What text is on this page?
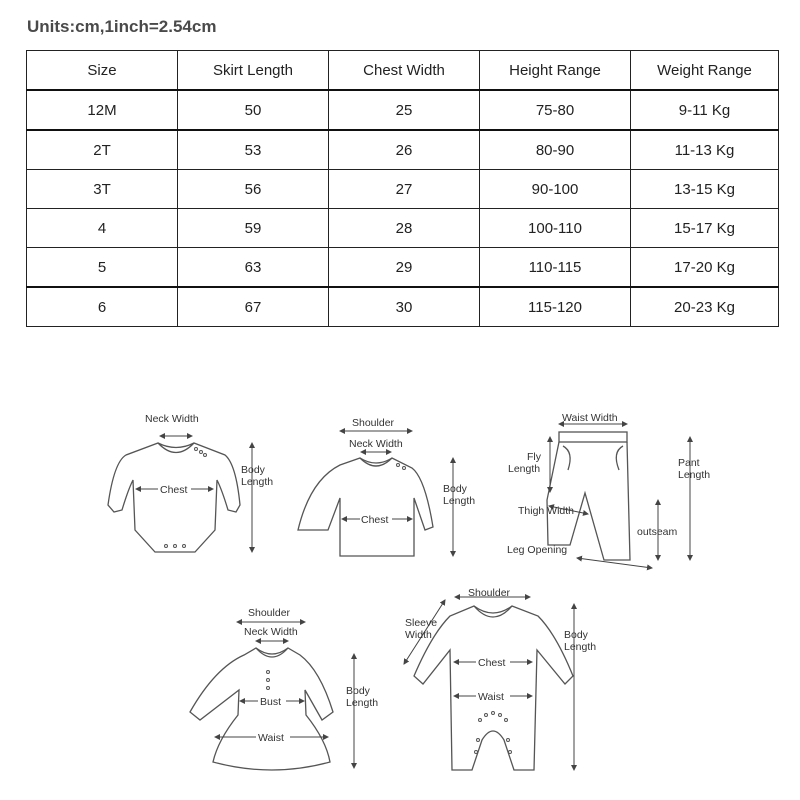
Units:cm,1inch=2.54cm
Size	Skirt Length	Chest Width	Height Range	Weight Range
12M	50	25	75-80	9-11 Kg
2T	53	26	80-90	11-13 Kg
3T	56	27	90-100	13-15 Kg
4	59	28	100-110	15-17 Kg
5	63	29	110-115	17-20 Kg
6	67	30	115-120	20-23 Kg
Neck Width
Body
Length
Chest
Shoulder
Neck Width
Body
Length
Chest
Waist Width
Fly
Length	Pant
Length
Thigh Width
outseam
Leg Opening
Shoulder
Neck Width
Body
Length
Bust
Waist
Shoulder
Sleeve
Width	Body
Length
Chest
Waist
